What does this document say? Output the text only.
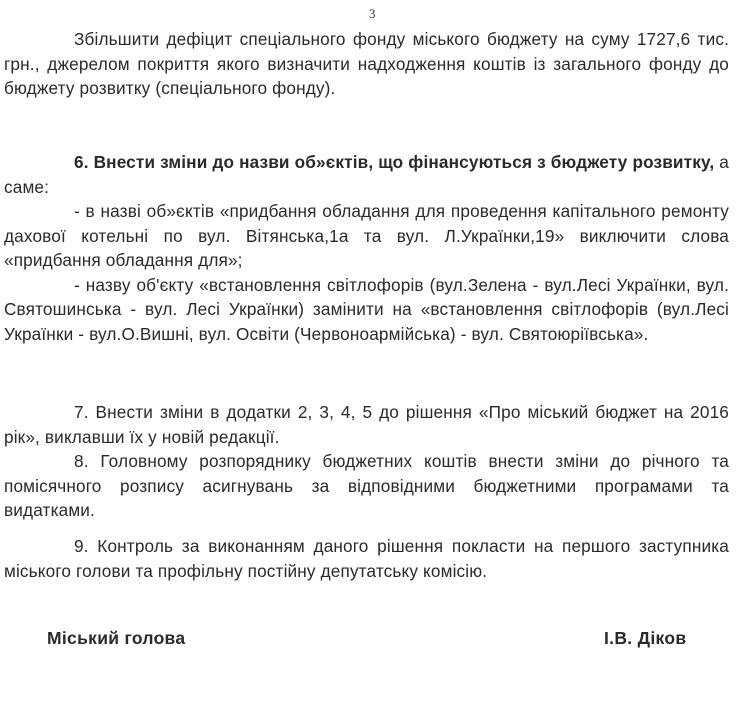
3
Збільшити дефіцит спеціального фонду міського бюджету на суму 1727,6 тис. грн., джерелом покриття якого визначити надходження коштів із загального фонду до бюджету розвитку (спеціального фонду).
6. Внести зміни до назви об»єктів, що фінансуються з бюджету розвитку, а саме:
- в назві об»єктів «придбання обладання для проведення капітального ремонту дахової котельні по вул. Вітянська,1а та вул. Л.Українки,19» виключити слова «придбання обладання для»;
- назву об'єкту «встановлення світлофорів (вул.Зелена - вул.Лесі Українки, вул. Святошинська - вул. Лесі Українки) замінити на «встановлення світлофорів (вул.Лесі Українки - вул.О.Вишні, вул. Освіти (Червоноармійська) - вул. Святоюріївська».
7. Внести зміни в додатки 2, 3, 4, 5 до рішення «Про міський бюджет на 2016 рік», виклавши їх у новій редакції.
8. Головному розпоряднику бюджетних коштів внести зміни до річного та помісячного розпису асигнувань за відповідними бюджетними програмами та видатками.
9. Контроль за виконанням даного рішення покласти на першого заступника міського голови та профільну постійну депутатську комісію.
Міський голова	І.В. Діков
